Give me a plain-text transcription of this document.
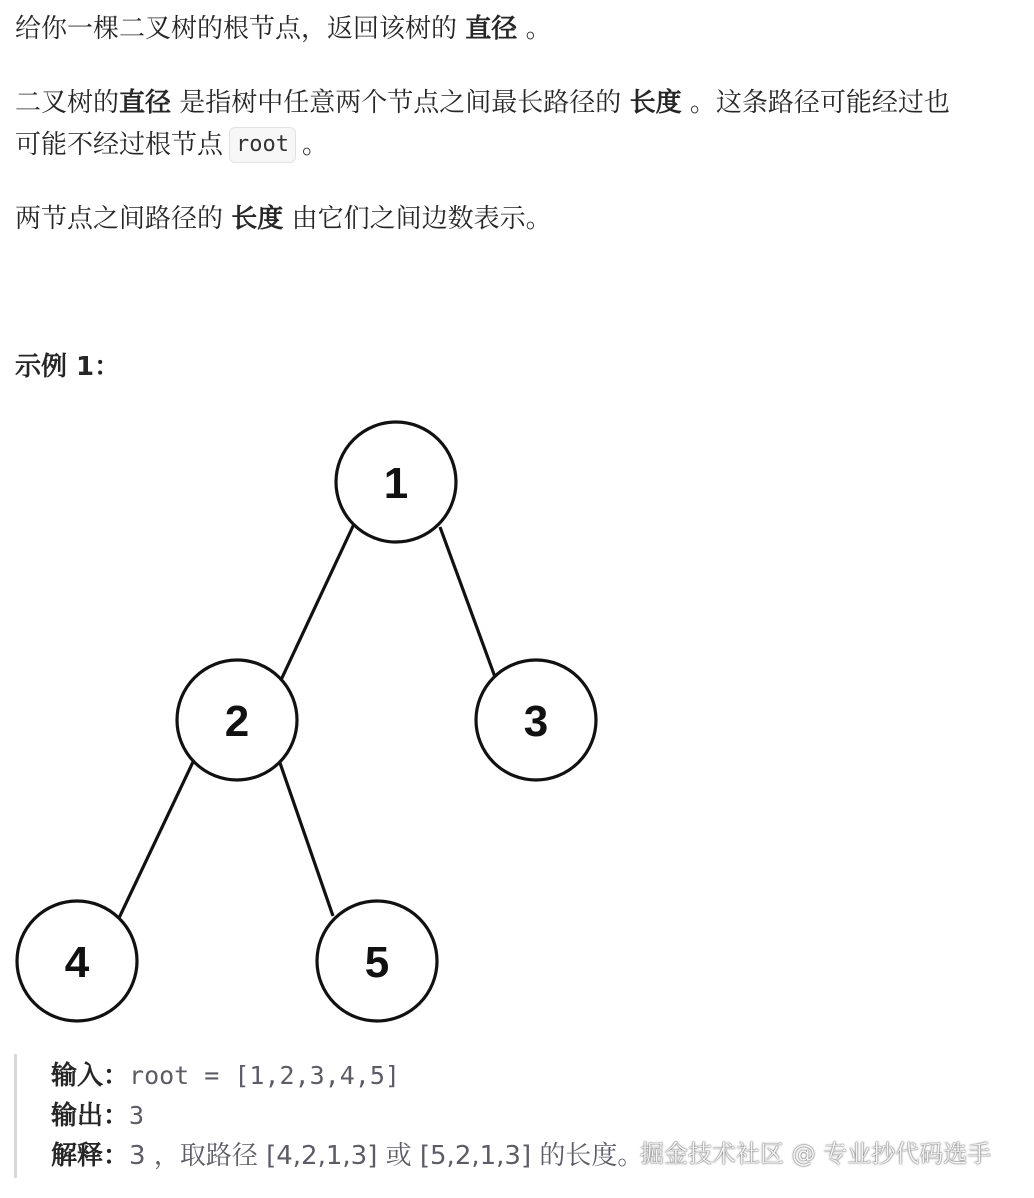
给你一棵二叉树的根节点，返回该树的 直径 。

二叉树的直径 是指树中任意两个节点之间最长路径的 长度 。这条路径可能经过也

可能不经过根节点 root 。

两节点之间路径的 长度 由它们之间边数表示。

示例 1：
1
2	3
4	5
输入：root = [1,2,3,4,5]
输出：3
解释：3 ，取路径 [4,2,1,3] 或 [5,2,1,3] 的长度。
掘金技术社区 @ 专业抄代码选手
